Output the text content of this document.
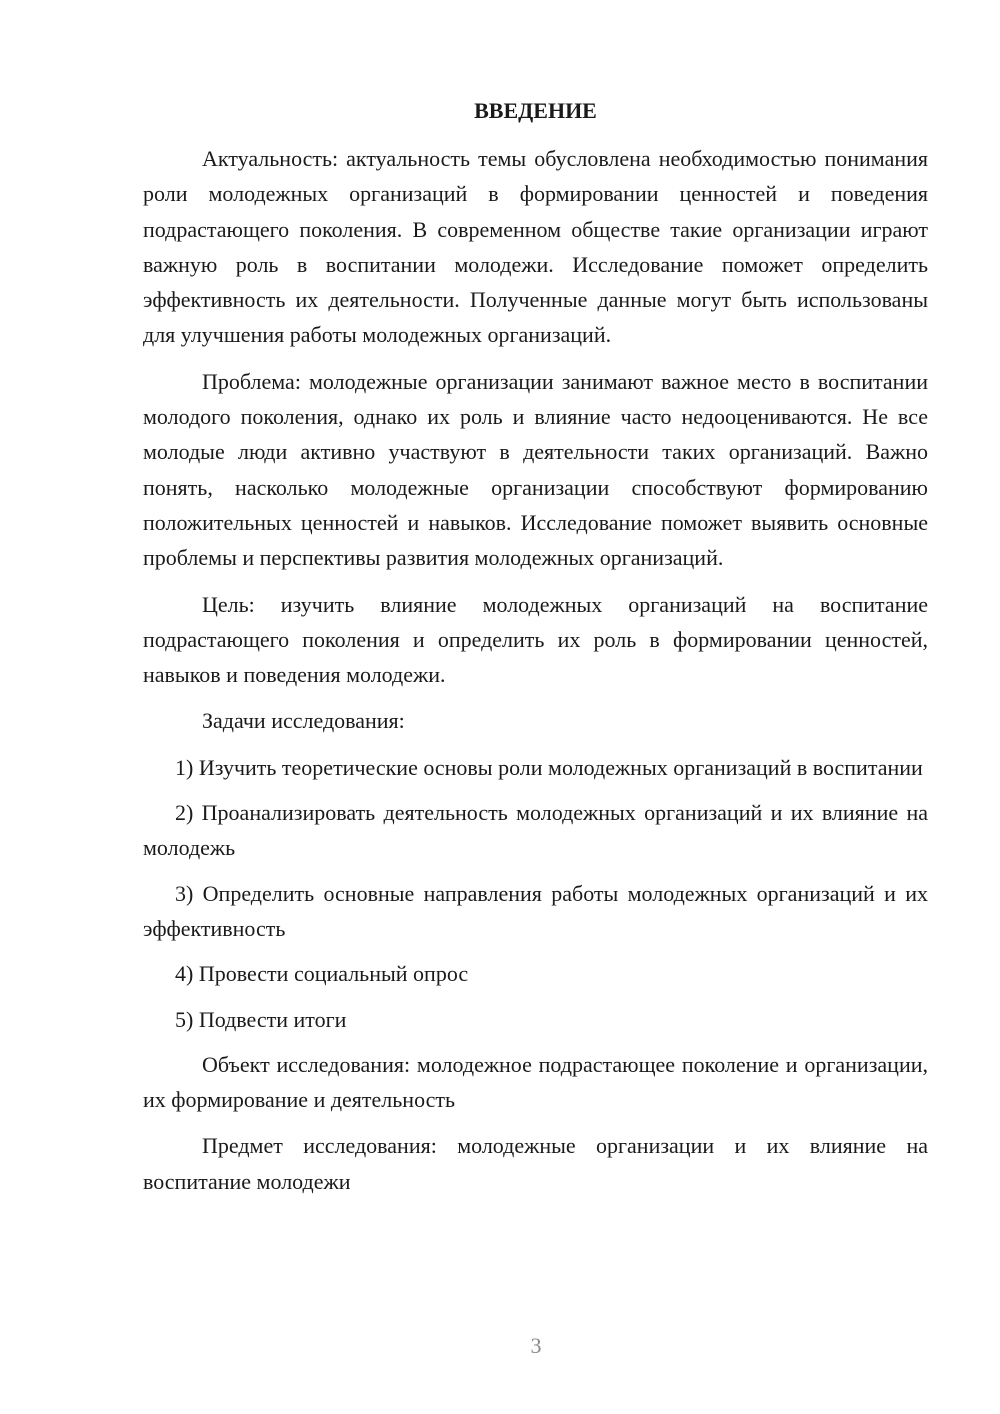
ВВЕДЕНИЕ

Актуальность: актуальность темы обусловлена необходимостью понимания роли молодежных организаций в формировании ценностей и поведения подрастающего поколения. В современном обществе такие организации играют важную роль в воспитании молодежи. Исследование поможет определить эффективность их деятельности. Полученные данные могут быть использованы для улучшения работы молодежных организаций.

Проблема: молодежные организации занимают важное место в воспитании молодого поколения, однако их роль и влияние часто недооцениваются. Не все молодые люди активно участвуют в деятельности таких организаций. Важно понять, насколько молодежные организации способствуют формированию положительных ценностей и навыков. Исследование поможет выявить основные проблемы и перспективы развития молодежных организаций.

Цель: изучить влияние молодежных организаций на воспитание подрастающего поколения и определить их роль в формировании ценностей, навыков и поведения молодежи.

Задачи исследования:

1) Изучить теоретические основы роли молодежных организаций в воспитании

2) Проанализировать деятельность молодежных организаций и их влияние на молодежь

3) Определить основные направления работы молодежных организаций и их эффективность

4) Провести социальный опрос

5) Подвести итоги

Объект исследования: молодежное подрастающее поколение и организации, их формирование и деятельность

Предмет исследования: молодежные организации и их влияние на воспитание молодежи

3
